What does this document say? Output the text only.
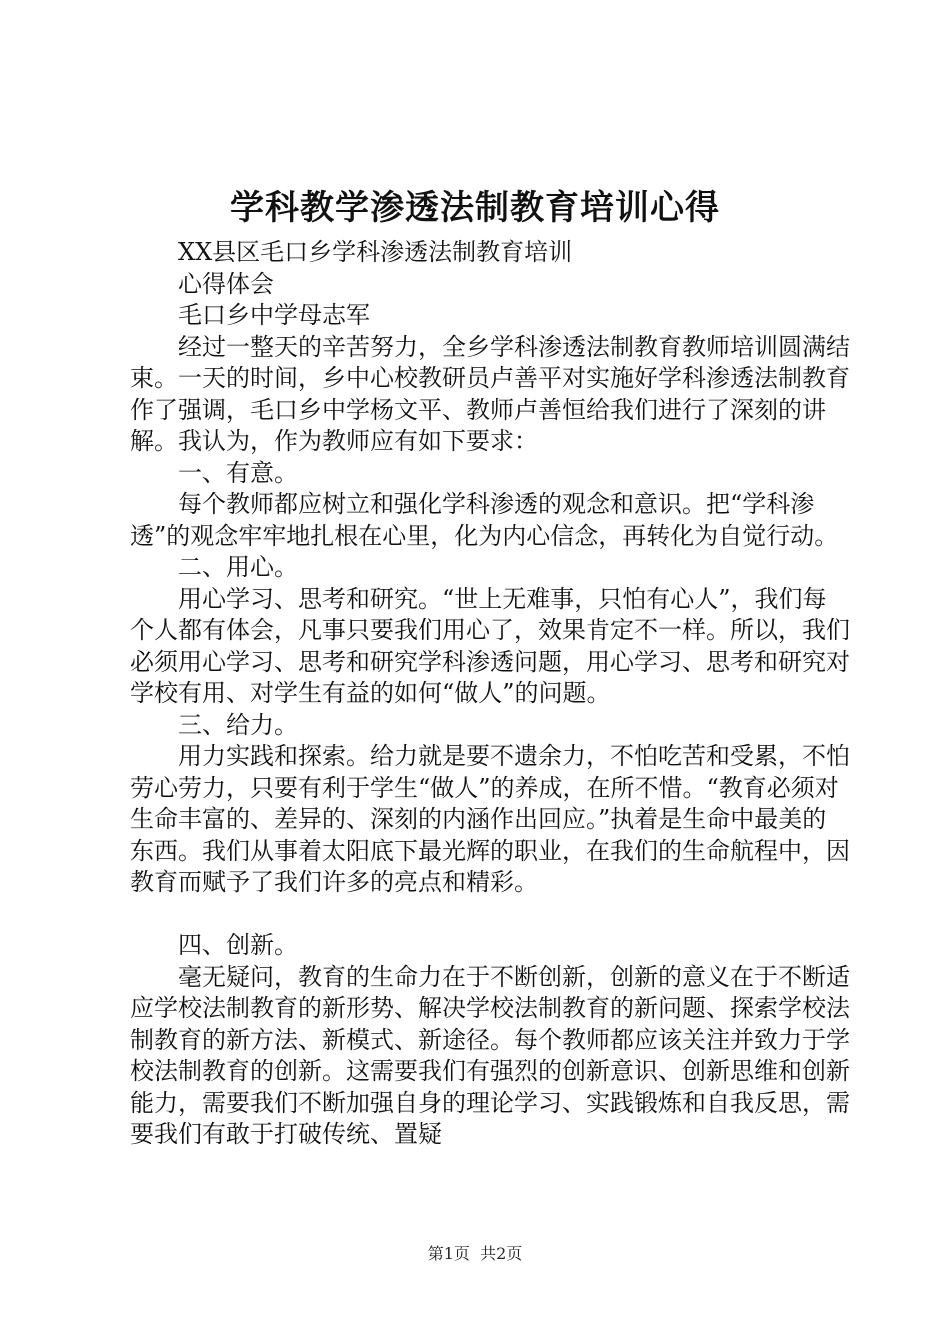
学科教学渗透法制教育培训心得

XX县区毛口乡学科渗透法制教育培训

心得体会

毛口乡中学母志军

经过一整天的辛苦努力，全乡学科渗透法制教育教师培训圆满结束。一天的时间，乡中心校教研员卢善平对实施好学科渗透法制教育作了强调，毛口乡中学杨文平、教师卢善恒给我们进行了深刻的讲解。我认为，作为教师应有如下要求：

一、有意。

每个教师都应树立和强化学科渗透的观念和意识。把“学科渗透”的观念牢牢地扎根在心里，化为内心信念，再转化为自觉行动。

二、用心。

用心学习、思考和研究。“世上无难事，只怕有心人”，我们每个人都有体会，凡事只要我们用心了，效果肯定不一样。所以，我们必须用心学习、思考和研究学科渗透问题，用心学习、思考和研究对学校有用、对学生有益的如何“做人”的问题。

三、给力。

用力实践和探索。给力就是要不遗余力，不怕吃苦和受累，不怕劳心劳力，只要有利于学生“做人”的养成，在所不惜。“教育必须对生命丰富的、差异的、深刻的内涵作出回应。”执着是生命中最美的东西。我们从事着太阳底下最光辉的职业，在我们的生命航程中，因教育而赋予了我们许多的亮点和精彩。

四、创新。

毫无疑问，教育的生命力在于不断创新，创新的意义在于不断适应学校法制教育的新形势、解决学校法制教育的新问题、探索学校法制教育的新方法、新模式、新途径。每个教师都应该关注并致力于学校法制教育的创新。这需要我们有强烈的创新意识、创新思维和创新能力，需要我们不断加强自身的理论学习、实践锻炼和自我反思，需要我们有敢于打破传统、置疑

第1页  共2页
